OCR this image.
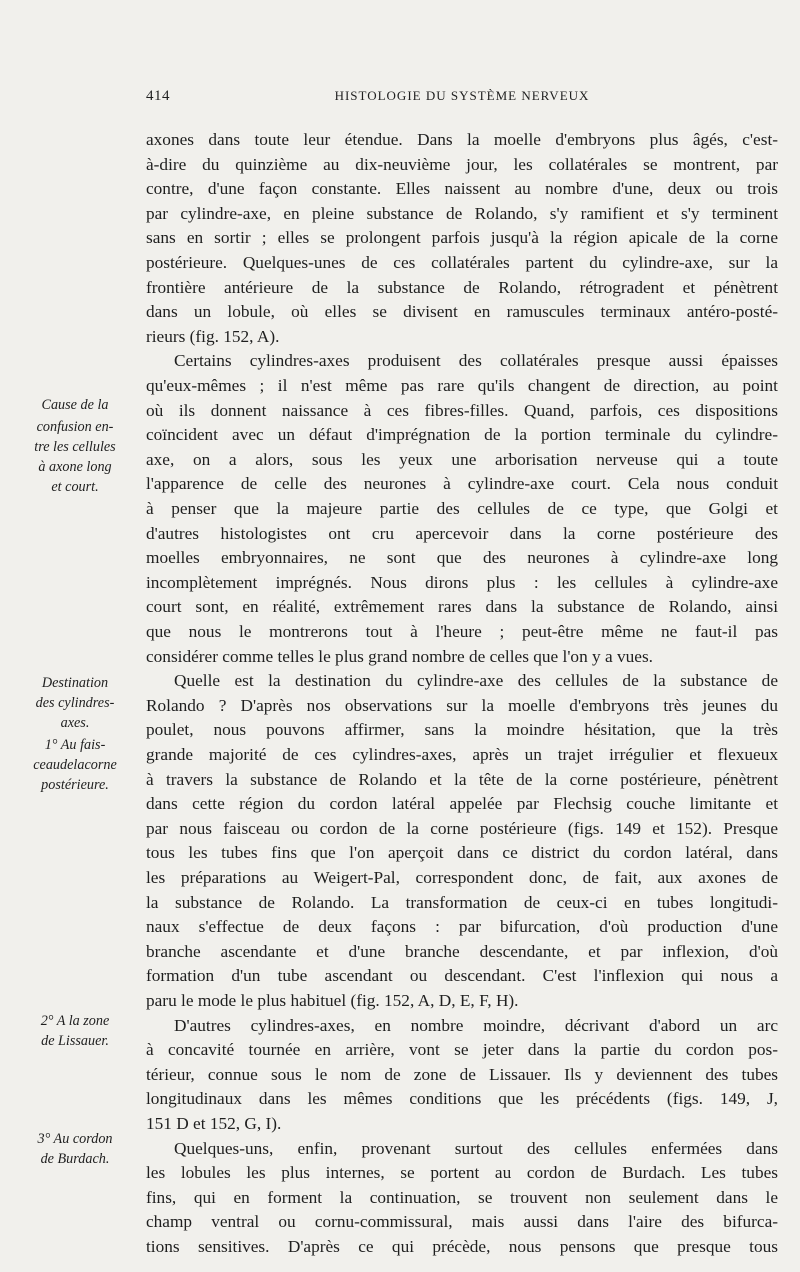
414	HISTOLOGIE DU SYSTÈME NERVEUX
Cause de la
confusion en-
tre les cellules
à axone long
et court.
Destination
des cylindres-
axes.
1° Au fais-
ceaudelacorne
postérieure.
2° A la zone
de Lissauer.
3° Au cordon
de Burdach.
axones dans toute leur étendue. Dans la moelle d'embryons plus âgés, c'est-
à-dire du quinzième au dix-neuvième jour, les collatérales se montrent, par
contre, d'une façon constante. Elles naissent au nombre d'une, deux ou trois
par cylindre-axe, en pleine substance de Rolando, s'y ramifient et s'y terminent
sans en sortir ; elles se prolongent parfois jusqu'à la région apicale de la corne
postérieure. Quelques-unes de ces collatérales partent du cylindre-axe, sur la
frontière antérieure de la substance de Rolando, rétrogradent et pénètrent
dans un lobule, où elles se divisent en ramuscules terminaux antéro-posté-
rieurs (fig. 152, A).
Certains cylindres-axes produisent des collatérales presque aussi épaisses
qu'eux-mêmes ; il n'est même pas rare qu'ils changent de direction, au point
où ils donnent naissance à ces fibres-filles. Quand, parfois, ces dispositions
coïncident avec un défaut d'imprégnation de la portion terminale du cylindre-
axe, on a alors, sous les yeux une arborisation nerveuse qui a toute
l'apparence de celle des neurones à cylindre-axe court. Cela nous conduit
à penser que la majeure partie des cellules de ce type, que Golgi et
d'autres histologistes ont cru apercevoir dans la corne postérieure des
moelles embryonnaires, ne sont que des neurones à cylindre-axe long
incomplètement imprégnés. Nous dirons plus : les cellules à cylindre-axe
court sont, en réalité, extrêmement rares dans la substance de Rolando, ainsi
que nous le montrerons tout à l'heure ; peut-être même ne faut-il pas
considérer comme telles le plus grand nombre de celles que l'on y a vues.
Quelle est la destination du cylindre-axe des cellules de la substance de
Rolando ? D'après nos observations sur la moelle d'embryons très jeunes du
poulet, nous pouvons affirmer, sans la moindre hésitation, que la très
grande majorité de ces cylindres-axes, après un trajet irrégulier et flexueux
à travers la substance de Rolando et la tête de la corne postérieure, pénètrent
dans cette région du cordon latéral appelée par Flechsig couche limitante et
par nous faisceau ou cordon de la corne postérieure (figs. 149 et 152). Presque
tous les tubes fins que l'on aperçoit dans ce district du cordon latéral, dans
les préparations au Weigert-Pal, correspondent donc, de fait, aux axones de
la substance de Rolando. La transformation de ceux-ci en tubes longitudi-
naux s'effectue de deux façons : par bifurcation, d'où production d'une
branche ascendante et d'une branche descendante, et par inflexion, d'où
formation d'un tube ascendant ou descendant. C'est l'inflexion qui nous a
paru le mode le plus habituel (fig. 152, A, D, E, F, H).
D'autres cylindres-axes, en nombre moindre, décrivant d'abord un arc
à concavité tournée en arrière, vont se jeter dans la partie du cordon pos-
térieur, connue sous le nom de zone de Lissauer. Ils y deviennent des tubes
longitudinaux dans les mêmes conditions que les précédents (figs. 149, J,
151 D et 152, G, I).
Quelques-uns, enfin, provenant surtout des cellules enfermées dans
les lobules les plus internes, se portent au cordon de Burdach. Les tubes
fins, qui en forment la continuation, se trouvent non seulement dans le
champ ventral ou cornu-commissural, mais aussi dans l'aire des bifurca-
tions sensitives. D'après ce qui précède, nous pensons que presque tous
